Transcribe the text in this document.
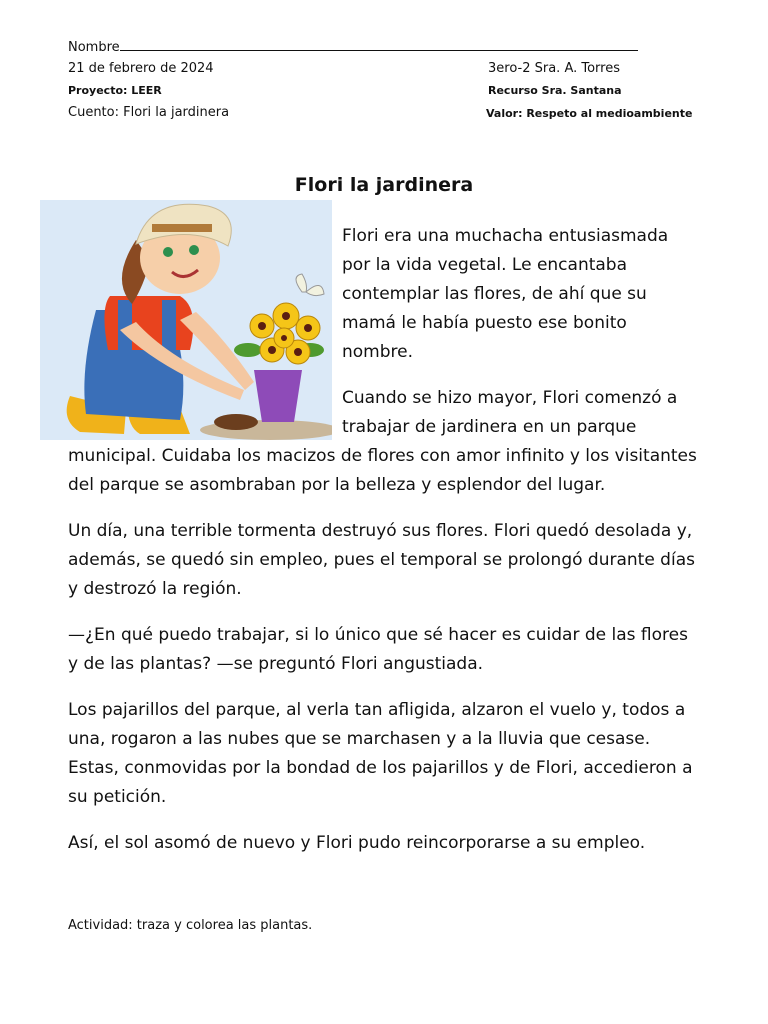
Nombre
21 de febrero de 2024	3ero-2 Sra. A. Torres
Proyecto: LEER	Recurso Sra. Santana
Cuento: Flori la jardinera	Valor: Respeto al medioambiente
Flori la jardinera

Flori era una muchacha entusiasmada por la vida vegetal. Le encantaba contemplar las flores, de ahí que su mamá le había puesto ese bonito nombre.

Cuando se hizo mayor, Flori comenzó a trabajar de jardinera en un parque municipal. Cuidaba los macizos de flores con amor infinito y los visitantes del parque se asombraban por la belleza y esplendor del lugar.

Un día, una terrible tormenta destruyó sus flores. Flori quedó desolada y, además, se quedó sin empleo, pues el temporal se prolongó durante días y destrozó la región.

—¿En qué puedo trabajar, si lo único que sé hacer es cuidar de las flores y de las plantas? —se preguntó Flori angustiada.

Los pajarillos del parque, al verla tan afligida, alzaron el vuelo y, todos a una, rogaron a las nubes que se marchasen y a la lluvia que cesase. Estas, conmovidas por la bondad de los pajarillos y de Flori, accedieron a su petición.

Así, el sol asomó de nuevo y Flori pudo reincorporarse a su empleo.

Actividad: traza y colorea las plantas.
